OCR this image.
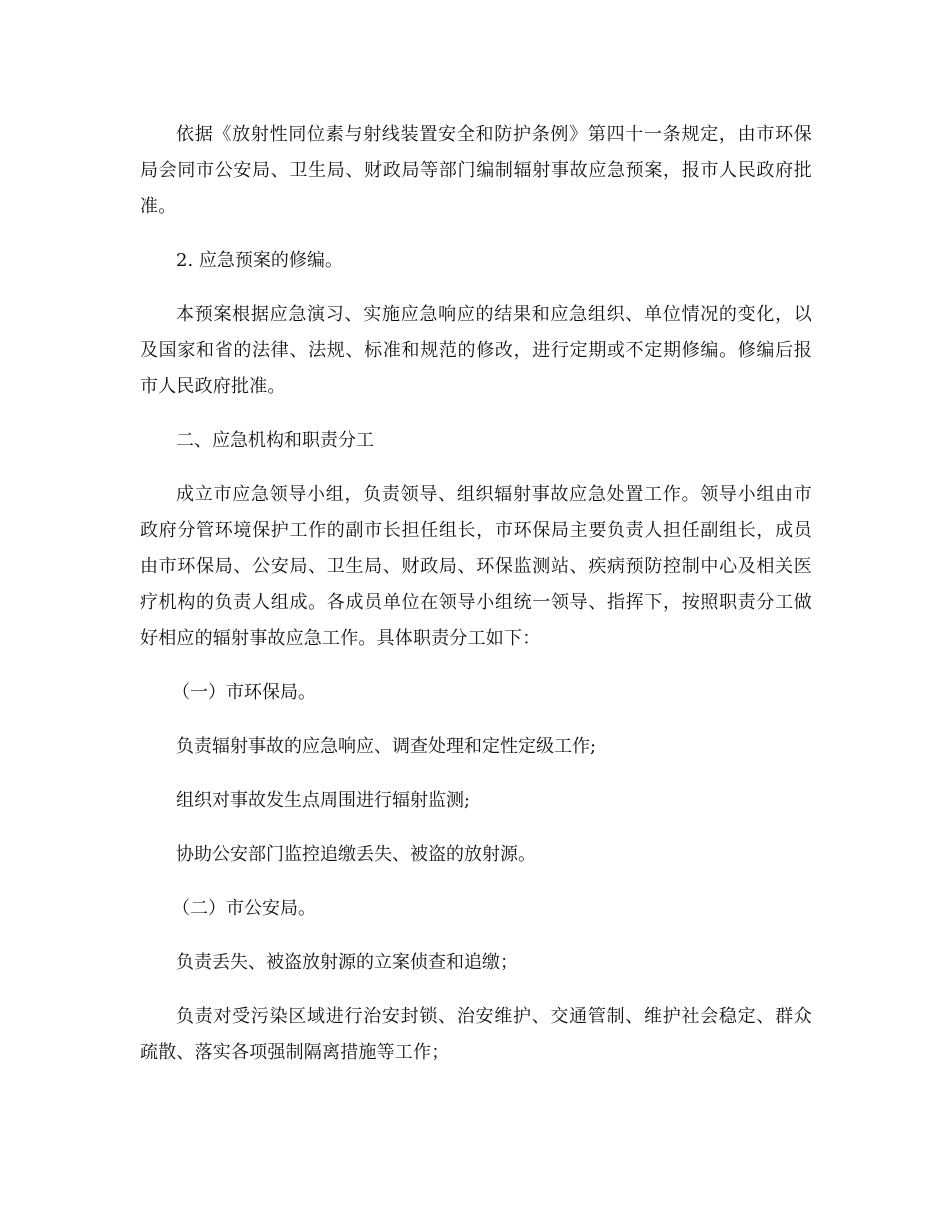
依据《放射性同位素与射线装置安全和防护条例》第四十一条规定，由市环保
局会同市公安局、卫生局、财政局等部门编制辐射事故应急预案，报市人民政府批
准。
2. 应急预案的修编。
本预案根据应急演习、实施应急响应的结果和应急组织、单位情况的变化，以
及国家和省的法律、法规、标准和规范的修改，进行定期或不定期修编。修编后报
市人民政府批准。
二、应急机构和职责分工
成立市应急领导小组，负责领导、组织辐射事故应急处置工作。领导小组由市
政府分管环境保护工作的副市长担任组长，市环保局主要负责人担任副组长，成员
由市环保局、公安局、卫生局、财政局、环保监测站、疾病预防控制中心及相关医
疗机构的负责人组成。各成员单位在领导小组统一领导、指挥下，按照职责分工做
好相应的辐射事故应急工作。具体职责分工如下：
（一）市环保局。
负责辐射事故的应急响应、调查处理和定性定级工作;
组织对事故发生点周围进行辐射监测;
协助公安部门监控追缴丢失、被盗的放射源。
（二）市公安局。
负责丢失、被盗放射源的立案侦查和追缴；
负责对受污染区域进行治安封锁、治安维护、交通管制、维护社会稳定、群众
疏散、落实各项强制隔离措施等工作；
